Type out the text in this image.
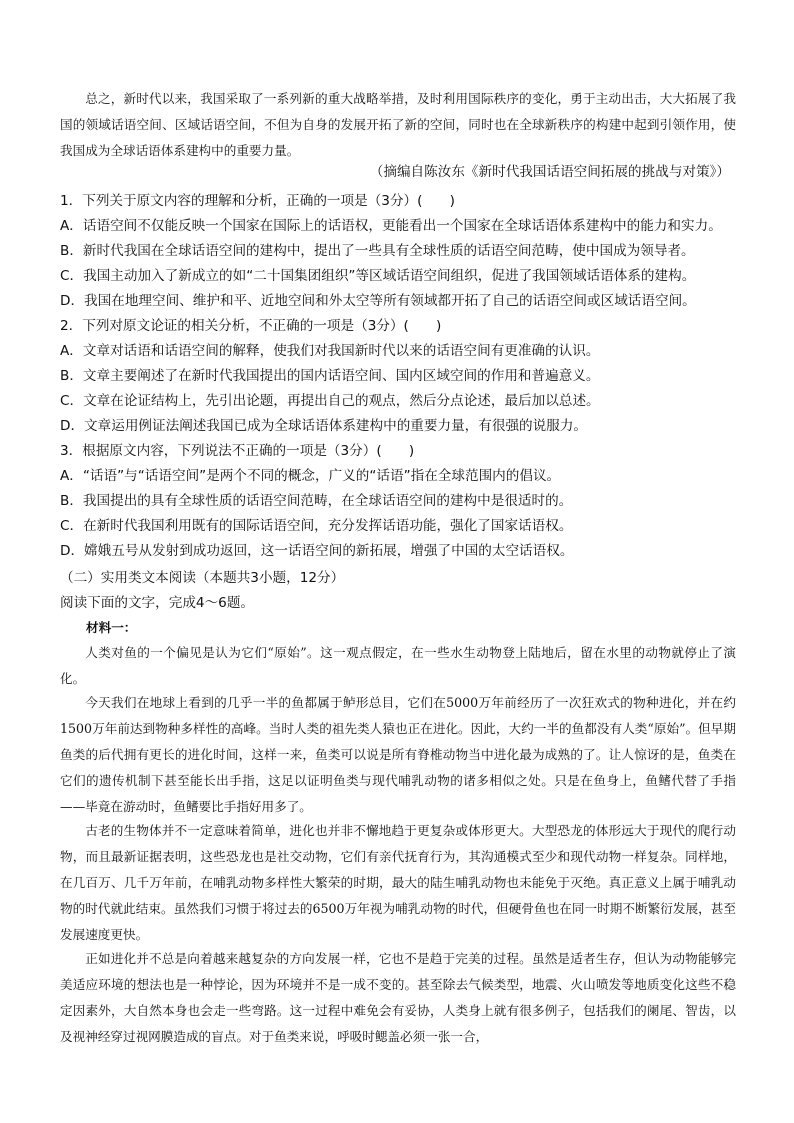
总之，新时代以来，我国采取了一系列新的重大战略举措，及时利用国际秩序的变化，勇于主动出击，大大拓展了我国的领域话语空间、区域话语空间，不但为自身的发展开拓了新的空间，同时也在全球新秩序的构建中起到引领作用，使我国成为全球话语体系建构中的重要力量。

（摘编自陈汝东《新时代我国话语空间拓展的挑战与对策》）

1．下列关于原文内容的理解和分析，正确的一项是（3分）(　　)

A．话语空间不仅能反映一个国家在国际上的话语权，更能看出一个国家在全球话语体系建构中的能力和实力。

B．新时代我国在全球话语空间的建构中，提出了一些具有全球性质的话语空间范畴，使中国成为领导者。

C．我国主动加入了新成立的如“二十国集团组织”等区域话语空间组织，促进了我国领域话语体系的建构。

D．我国在地理空间、维护和平、近地空间和外太空等所有领域都开拓了自己的话语空间或区域话语空间。

2．下列对原文论证的相关分析，不正确的一项是（3分）(　　)

A．文章对话语和话语空间的解释，使我们对我国新时代以来的话语空间有更准确的认识。

B．文章主要阐述了在新时代我国提出的国内话语空间、国内区域空间的作用和普遍意义。

C．文章在论证结构上，先引出论题，再提出自己的观点，然后分点论述，最后加以总述。

D．文章运用例证法阐述我国已成为全球话语体系建构中的重要力量，有很强的说服力。

3．根据原文内容，下列说法不正确的一项是（3分）(　　)

A．“话语”与“话语空间”是两个不同的概念，广义的“话语”指在全球范围内的倡议。

B．我国提出的具有全球性质的话语空间范畴，在全球话语空间的建构中是很适时的。

C．在新时代我国利用既有的国际话语空间，充分发挥话语功能，强化了国家话语权。

D．嫦娥五号从发射到成功返回，这一话语空间的新拓展，增强了中国的太空话语权。

（二）实用类文本阅读（本题共3小题，12分）

阅读下面的文字，完成4～6题。

材料一：

人类对鱼的一个偏见是认为它们“原始”。这一观点假定，在一些水生动物登上陆地后，留在水里的动物就停止了演化。

今天我们在地球上看到的几乎一半的鱼都属于鲈形总目，它们在5000万年前经历了一次狂欢式的物种进化，并在约1500万年前达到物种多样性的高峰。当时人类的祖先类人猿也正在进化。因此，大约一半的鱼都没有人类“原始”。但早期鱼类的后代拥有更长的进化时间，这样一来，鱼类可以说是所有脊椎动物当中进化最为成熟的了。让人惊讶的是，鱼类在它们的遗传机制下甚至能长出手指，这足以证明鱼类与现代哺乳动物的诸多相似之处。只是在鱼身上，鱼鳍代替了手指——毕竟在游动时，鱼鳍要比手指好用多了。

古老的生物体并不一定意味着简单，进化也并非不懈地趋于更复杂或体形更大。大型恐龙的体形远大于现代的爬行动物，而且最新证据表明，这些恐龙也是社交动物，它们有亲代抚育行为，其沟通模式至少和现代动物一样复杂。同样地，在几百万、几千万年前，在哺乳动物多样性大繁荣的时期，最大的陆生哺乳动物也未能免于灭绝。真正意义上属于哺乳动物的时代就此结束。虽然我们习惯于将过去的6500万年视为哺乳动物的时代，但硬骨鱼也在同一时期不断繁衍发展，甚至发展速度更快。

正如进化并不总是向着越来越复杂的方向发展一样，它也不是趋于完美的过程。虽然是适者生存，但认为动物能够完美适应环境的想法也是一种悖论，因为环境并不是一成不变的。甚至除去气候类型，地震、火山喷发等地质变化这些不稳定因素外，大自然本身也会走一些弯路。这一过程中难免会有妥协，人类身上就有很多例子，包括我们的阑尾、智齿，以及视神经穿过视网膜造成的盲点。对于鱼类来说，呼吸时鳃盖必须一张一合，
